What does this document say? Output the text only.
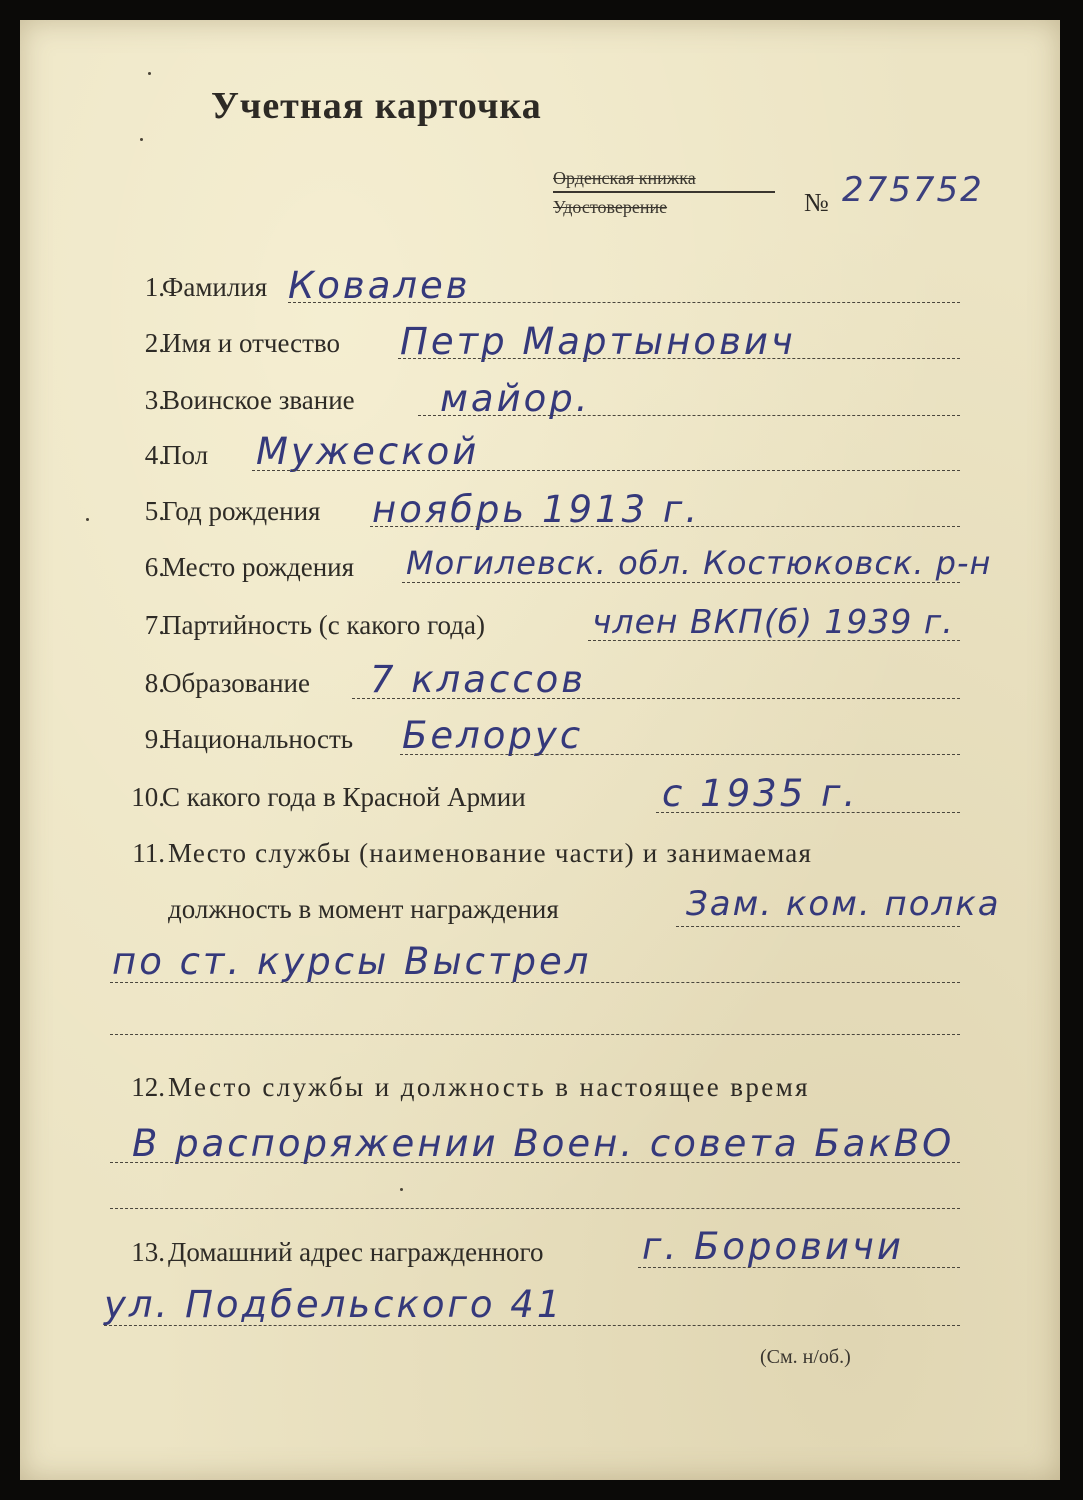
Учетная карточка
Орденская книжка
Удостоверение	№ 275752
1.
Фамилия Ковалев
2.
Имя и отчество Петр Мартынович
3.
Воинское звание майор.
4.
Пол Мужеской
5.
Год рождения ноябрь 1913 г.
6.
Место рождения Могилевск. обл. Костюковск. р-н
7.
Партийность (с какого года)	член ВКП(б) 1939 г.
8.
Образование 7 классов
9.
Национальность Белорус
10.
С какого года в Красной Армии	с 1935 г.
11. Место службы (наименование части) и занимаемая
должность в момент награждения	Зам. ком. полка
по ст. курсы Выстрел
12. Место службы и должность в настоящее время
В распоряжении Воен. совета БакВО
13. Домашний адрес награжденного	г. Боровичи
ул. Подбельского 41
(См. н/об.)
